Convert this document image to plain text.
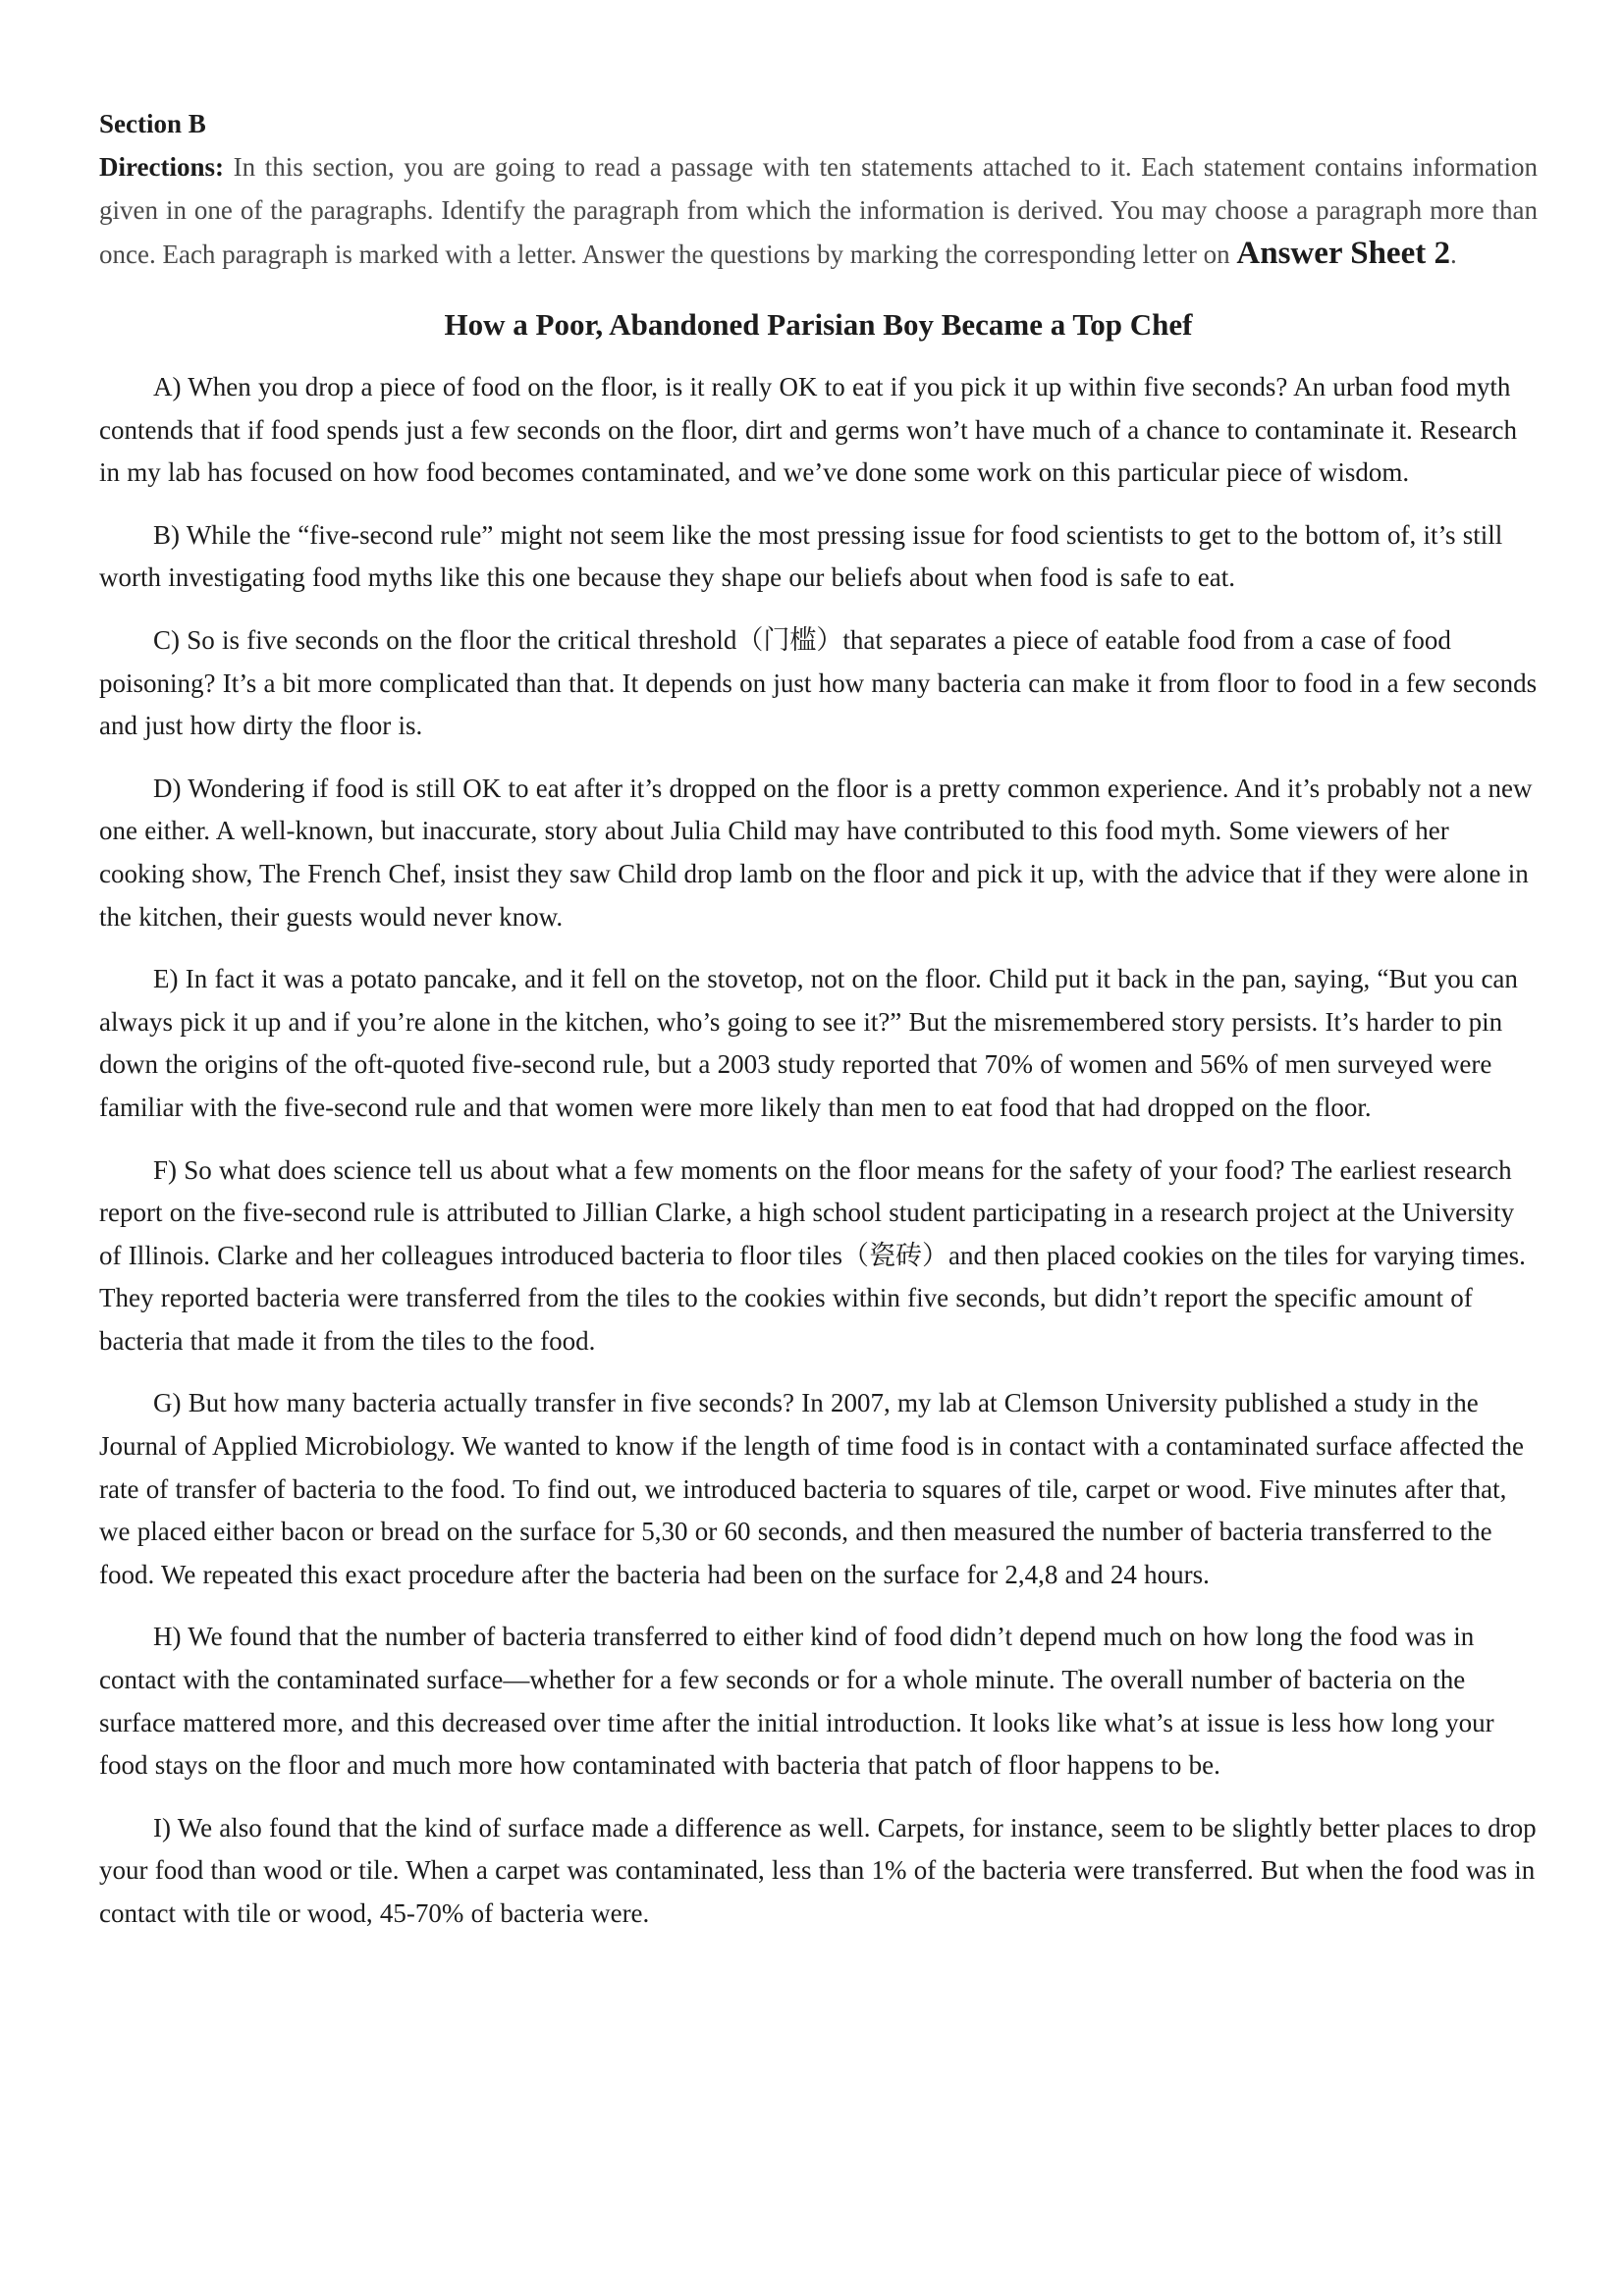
Section B

Directions: In this section, you are going to read a passage with ten statements attached to it. Each statement contains information given in one of the paragraphs. Identify the paragraph from which the information is derived. You may choose a paragraph more than once. Each paragraph is marked with a letter. Answer the questions by marking the corresponding letter on Answer Sheet 2.

How a Poor, Abandoned Parisian Boy Became a Top Chef

A) When you drop a piece of food on the floor, is it really OK to eat if you pick it up within five seconds? An urban food myth contends that if food spends just a few seconds on the floor, dirt and germs won’t have much of a chance to contaminate it. Research in my lab has focused on how food becomes contaminated, and we’ve done some work on this particular piece of wisdom.

B) While the “five-second rule” might not seem like the most pressing issue for food scientists to get to the bottom of, it’s still worth investigating food myths like this one because they shape our beliefs about when food is safe to eat.

C) So is five seconds on the floor the critical threshold（门槛）that separates a piece of eatable food from a case of food poisoning? It’s a bit more complicated than that. It depends on just how many bacteria can make it from floor to food in a few seconds and just how dirty the floor is.

D) Wondering if food is still OK to eat after it’s dropped on the floor is a pretty common experience. And it’s probably not a new one either. A well-known, but inaccurate, story about Julia Child may have contributed to this food myth. Some viewers of her cooking show, The French Chef, insist they saw Child drop lamb on the floor and pick it up, with the advice that if they were alone in the kitchen, their guests would never know.

E) In fact it was a potato pancake, and it fell on the stovetop, not on the floor. Child put it back in the pan, saying, “But you can always pick it up and if you’re alone in the kitchen, who’s going to see it?” But the misremembered story persists. It’s harder to pin down the origins of the oft-quoted five-second rule, but a 2003 study reported that 70% of women and 56% of men surveyed were familiar with the five-second rule and that women were more likely than men to eat food that had dropped on the floor.

F) So what does science tell us about what a few moments on the floor means for the safety of your food? The earliest research report on the five-second rule is attributed to Jillian Clarke, a high school student participating in a research project at the University of Illinois. Clarke and her colleagues introduced bacteria to floor tiles（瓷砖）and then placed cookies on the tiles for varying times. They reported bacteria were transferred from the tiles to the cookies within five seconds, but didn’t report the specific amount of bacteria that made it from the tiles to the food.

G) But how many bacteria actually transfer in five seconds? In 2007, my lab at Clemson University published a study in the Journal of Applied Microbiology. We wanted to know if the length of time food is in contact with a contaminated surface affected the rate of transfer of bacteria to the food. To find out, we introduced bacteria to squares of tile, carpet or wood. Five minutes after that, we placed either bacon or bread on the surface for 5,30 or 60 seconds, and then measured the number of bacteria transferred to the food. We repeated this exact procedure after the bacteria had been on the surface for 2,4,8 and 24 hours.

H) We found that the number of bacteria transferred to either kind of food didn’t depend much on how long the food was in contact with the contaminated surface—whether for a few seconds or for a whole minute. The overall number of bacteria on the surface mattered more, and this decreased over time after the initial introduction. It looks like what’s at issue is less how long your food stays on the floor and much more how contaminated with bacteria that patch of floor happens to be.

I) We also found that the kind of surface made a difference as well. Carpets, for instance, seem to be slightly better places to drop your food than wood or tile. When a carpet was contaminated, less than 1% of the bacteria were transferred. But when the food was in contact with tile or wood, 45-70% of bacteria were.
